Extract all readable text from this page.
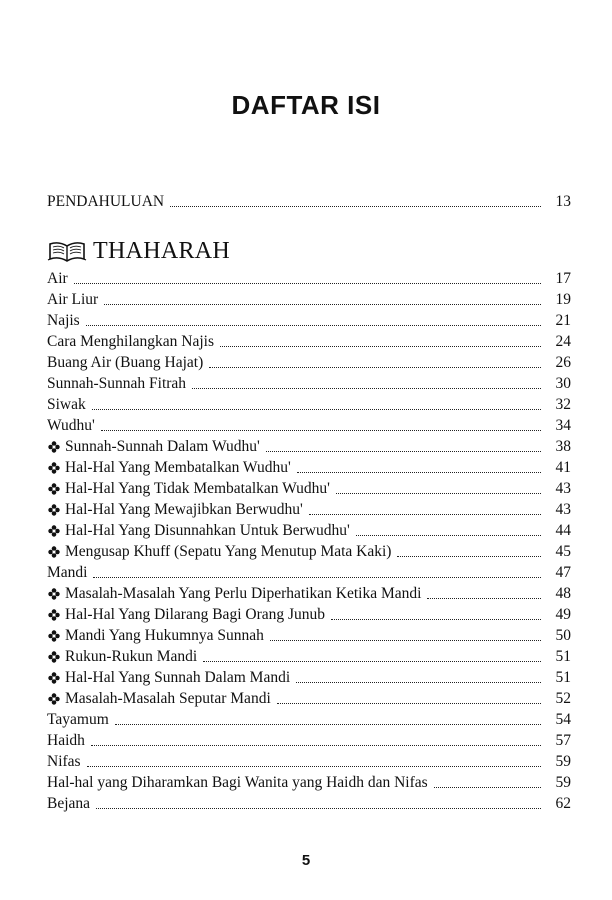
DAFTAR ISI
PENDAHULUAN	13
THAHARAH
Air	17
Air Liur	19
Najis	21
Cara Menghilangkan Najis	24
Buang Air (Buang Hajat)	26
Sunnah-Sunnah Fitrah	30
Siwak	32
Wudhu'	34
Sunnah-Sunnah Dalam Wudhu'	38
Hal-Hal Yang Membatalkan Wudhu'	41
Hal-Hal Yang Tidak Membatalkan Wudhu'	43
Hal-Hal Yang Mewajibkan Berwudhu'	43
Hal-Hal Yang Disunnahkan Untuk Berwudhu'	44
Mengusap Khuff (Sepatu Yang Menutup Mata Kaki)	45
Mandi	47
Masalah-Masalah Yang Perlu Diperhatikan Ketika Mandi	48
Hal-Hal Yang Dilarang Bagi Orang Junub	49
Mandi Yang Hukumnya Sunnah	50
Rukun-Rukun Mandi	51
Hal-Hal Yang Sunnah Dalam Mandi	51
Masalah-Masalah Seputar Mandi	52
Tayamum	54
Haidh	57
Nifas	59
Hal-hal yang Diharamkan Bagi Wanita yang Haidh dan Nifas	59
Bejana	62
5
